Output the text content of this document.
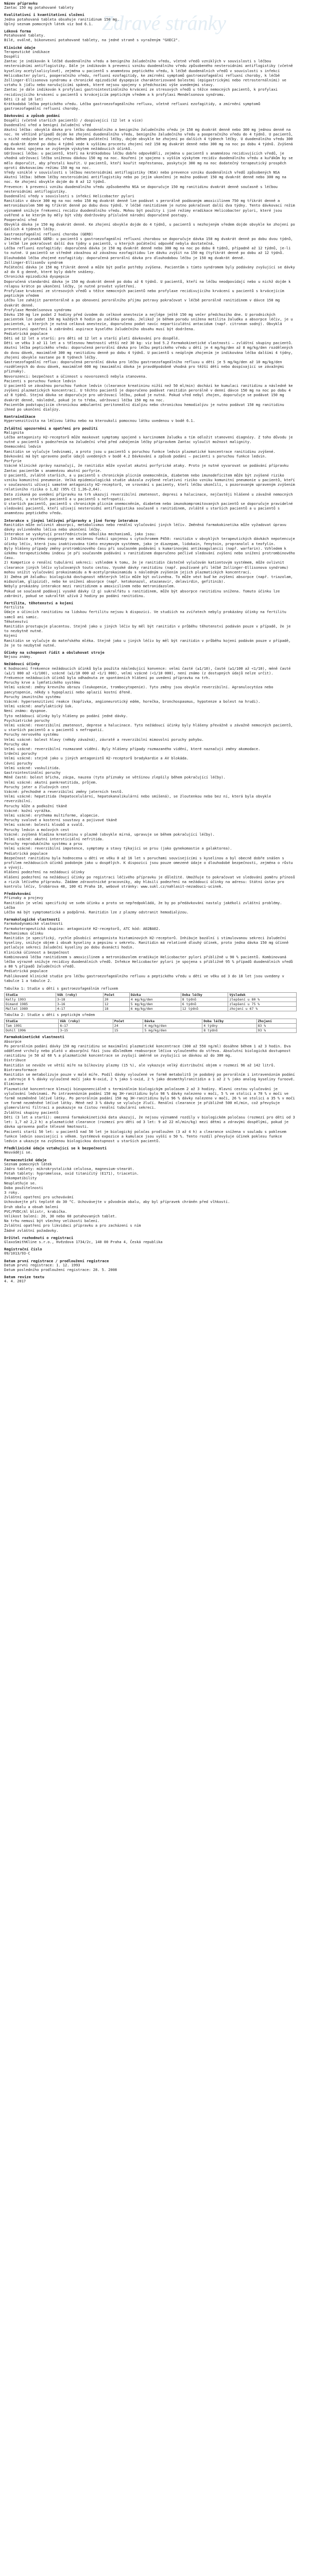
Zdravé stránky

Název přípravku

Zantac 150 mg potahované tablety

Kvalitativní i kvantitativní složení

Jedna potahovaná tableta obsahuje ranitidinum 150 mg.

Úplný seznam pomocných látek viz bod 6.1.

Léková forma

Potahované tablety.

Bílé, oválné, bikonvexní potahované tablety, na jedné straně s vyraženým "GXEC2".

Klinické údaje

Terapeutické indikace

Dospělí

Zantac je indikován k léčbě duodenálního vředu a benigního žaludečního vředu, včetně vředů vzniklých v souvislosti s léčbou nesteroidními antiflogistiky. Dále je indikován k prevenci vzniku duodenálního vředu způsobeného nesteroidními antiflogistiky (včetně kyseliny acetylsalicylové), zejména u pacientů s anamnézou peptického vředu, k léčbě duodenálních vředů v souvislosti s infekcí Helicobacter pylori, pooperačního vředu, refluxní ezofagitidy, ke zmírnění symptomů gastroezofageální refluxní choroby, k léčbě Zollinger-Ellisonova syndromu a chronické epizodické dyspepsie charakterizované bolestmi (epigastrickými nebo retrosternálními) ve vztahu k jídlu nebo narušujícími spánek, které nejsou spojeny s předchozími výše uvedenými stavy.

Zantac je dále indikován k profylaxi gastrointestinálního krvácení ze stresových vředů u těžce nemocných pacientů, k profylaxi recidivujícího krvácení u pacientů s krvácejícím peptickým vředem a k profylaxi Mendelsonova syndromu.

Děti (3 až 18 let)

Krátkodobá léčba peptického vředu. Léčba gastroezofageálního refluxu, včetně refluxní ezofagitidy, a zmírnění symptomů gastroezofageální refluxní choroby.

Dávkování a způsob podání

Dospělí (včetně starších pacientů) / dospívající (12 let a více)

Duodenální vřed a benigní žaludeční vřed

Akutní léčba: obvyklá dávka pro léčbu duodenálního a benigního žaludečního vředu je 150 mg dvakrát denně nebo 300 mg jednou denně na noc. Ve většině případů dojde ke zhojení duodenálního vředu, benigního žaludečního vředu a pooperačního vředu do 4 týdnů. U pacientů, u nichž nedojde ke zhojení vředu během počáteční léčby, dojde obvykle ke zhojení po dalších 4 týdnech léčby. U duodenálního vředu 300 mg dvakrát denně po dobu 4 týdnů vede k vyššímu procentu zhojení než 150 mg dvakrát denně nebo 300 mg na noc po dobu 4 týdnů. Zvýšená dávka není spojena se zvýšeným výskytem nežádoucích účinků.

Udržovací léčba: u pacientů, kteří na krátkodobou léčbu dobře odpověděli, zejména u pacientů s anamnézou recidivujících vředů, je vhodná udržovací léčba sníženou dávkou 150 mg na noc. Kouření je spojeno s vyšším výskytem recidiv duodenálního vředu a kuřákům by se mělo doporučit, aby přestali kouřit. U pacientů, kteří kouřit nepřestanou, poskytuje 300 mg na noc dodatečný terapeutický prospěch oproti dávkovacímu režimu 150 mg na noc.

Vředy vzniklé v souvislosti s léčbou nesteroidními antiflogistiky (NSA) nebo prevence vzniku duodenálních vředů způsobených NSA

Akutní léčba: během léčby nesteroidními antiflogistiky nebo po jejím ukončení je možno podávat 150 mg dvakrát denně nebo 300 mg na noc. Ke zhojení obvykle dojde do 8 až 12 týdnů.

Prevence: k prevenci vzniku duodenálního vředu způsobeného NSA se doporučuje 150 mg ranitidinu dvakrát denně současně s léčbou nesteroidními antiflogistiky.

Duodenální vředy v souvislosti s infekcí Helicobacter pylori

Ranitidin v dávce 300 mg na noc nebo 150 mg dvakrát denně lze podávat s perorálně podávaným amoxicilinem 750 mg třikrát denně a metronidazolem 500 mg třikrát denně po dobu dvou týdnů. V léčbě ranitidinem je nutno pokračovat další dva týdny. Tento dávkovací režim významně snižuje frekvenci recidiv duodenálního vředu. Mohou být použity i jiné režimy eradikace Helicobacter pylori, které jsou ověřené a ke kterým by měly být vždy dodržovány příslušné národní doporučené postupy.

Pooperační vřed

Obvyklá dávka je 150 mg dvakrát denně. Ke zhojení obvykle dojde do 4 týdnů, u pacientů s nezhojeným vředem dojde obvykle ke zhojení po dalších 4 týdnech léčby.

Gastroezofageální refluxní choroba (GERD)

Zmírnění příznaků GERD: u pacientů s gastroezofageální refluxní chorobou se doporučuje dávka 150 mg dvakrát denně po dobu dvou týdnů, v léčbě lze pokračovat další dva týdny u pacientů, u kterých počáteční odpověď nebyla dostatečná.

Léčba refluxní ezofagitidy: doporučená dávka je 150 mg dvakrát denně nebo 300 mg na noc po dobu 8 týdnů, případně až 12 týdnů, je-li to nutné. U pacientů se středně závažnou až závažnou ezofagitidou lze dávku zvýšit na 150 mg čtyřikrát denně po dobu až 12 týdnů.

Dlouhodobá léčba zhojené ezofagitidy: doporučená perorální dávka pro dlouhodobou léčbu je 150 mg dvakrát denně.

Zollinger-Ellisonův syndrom

Počáteční dávka je 150 mg třikrát denně a může být podle potřeby zvýšena. Pacientům s tímto syndromem byly podávány zvyšující se dávky až do 6 g denně, které byly dobře snášeny.

Chronická epizodická dyspepsie

Doporučená standardní dávka je 150 mg dvakrát denně po dobu až 6 týdnů. U pacientů, kteří na léčbu neodpovídají nebo u nichž dojde k relapsu krátce po ukončení léčby, je nutné provést vyšetření.

Profylaxe krvácení ze stresových vředů u těžce nemocných pacientů nebo profylaxe recidivujícího krvácení u pacientů s krvácejícím peptickým vředem

Léčbu lze zahájit parenterálně a po obnovení perorálního příjmu potravy pokračovat v léčbě perorálně ranitidinem v dávce 150 mg dvakrát denně.

Profylaxe Mendelsonova syndromu

Dávku 150 mg lze podat 2 hodiny před úvodem do celkové anestezie a nejlépe ještě 150 mg večer předchozího dne. U porodnických pacientek lze podat 150 mg každých 6 hodin po začátku porodu. Jelikož je během porodu snížena motilita žaludku a absorpce léčiv, je u pacientek, u kterých je nutná celková anestezie, doporučeno podat navíc neparticulátní antacidum (např. citronan sodný). Obvyklá preventivní opatření k zabránění aspirace kyselého žaludečního obsahu musí být dodržena.

Pediatrická populace

Děti od 12 let a starší: pro děti od 12 let a starší platí dávkování pro dospělé.

Děti ve věku 3 až 11 let a s tělesnou hmotností větší než 30 kg: viz bod 5.2 Farmakokinetické vlastnosti – zvláštní skupiny pacientů.

Akutní léčba peptického vředu: doporučená perorální dávka pro léčbu peptického vředu u dětí je 4 mg/kg/den až 8 mg/kg/den rozdělených do dvou dávek, maximálně 300 mg ranitidinu denně po dobu 4 týdnů. U pacientů s neúplným zhojením je indikována léčba dalšími 4 týdny, zhojení obvykle nastane po 8 týdnech léčby.

Gastroezofageální reflux: doporučená perorální dávka pro léčbu gastroezofageálního refluxu u dětí je 5 mg/kg/den až 10 mg/kg/den rozdělených do dvou dávek, maximálně 600 mg (maximální dávka je pravděpodobně vhodná pro těžší děti nebo dospívající se závažnými příznaky).

Novorozenci: bezpečnost a účinnost u novorozenců nebyla stanovena.

Pacienti s poruchou funkce ledvin

U pacientů se závažnou poruchou funkce ledvin (clearance kreatininu nižší než 50 ml/min) dochází ke kumulaci ranitidinu a následně ke zvýšení plazmatických koncentrací. U těchto pacientů je doporučeno podávat ranitidin perorálně v denní dávce 150 mg na noc po dobu 4 až 8 týdnů. Stejná dávka se doporučuje pro udržovací léčbu, pokud je nutná. Pokud vřed nebyl zhojen, doporučuje se podávat 150 mg dvakrát denně, následně, pokud je to třeba, udržovací léčba 150 mg na noc.

Pacientům podstupujícím chronickou ambulantní peritoneální dialýzu nebo chronickou hemodialýzu je nutno podávat 150 mg ranitidinu ihned po ukončení dialýzy.

Kontraindikace

Hypersenzitivita na léčivou látku nebo na kteroukoli pomocnou látku uvedenou v bodě 6.1.

Zvláštní upozornění a opatření pro použití

Malignita

Léčba antagonisty H2-receptorů může maskovat symptomy spojené s karcinomem žaludku a tím odložit stanovení diagnózy. Z toho důvodu je nutné u pacientů s podezřením na žaludeční vřed před zahájením léčby přípravkem Zantac vyloučit možnost malignity.

Onemocnění ledvin

Ranitidin se vylučuje ledvinami, a proto jsou u pacientů s poruchou funkce ledvin plazmatické koncentrace ranitidinu zvýšené. Dávkování má být upraveno podle údajů uvedených v bodě 4.2 Dávkování a způsob podání – pacienti s poruchou funkce ledvin.

Porfyrie

Vzácné klinické zprávy naznačují, že ranitidin může vyvolat akutní porfyrické ataky. Proto je nutné vyvarovat se podávání přípravku Zantac pacientům s anamnézou akutní porfyrie.

U pacientů, zvláště starších, a u pacientů s chronickým plicním onemocněním, diabetem nebo imunodeficitem může být zvýšené riziko vzniku komunitní pneumonie. Velká epidemiologická studie ukázala zvýšené relativní riziko vzniku komunitní pneumonie u pacientů, kteří v současnosti užívají samotné antagonisty H2-receptorů, ve srovnání s pacienty, kteří léčbu ukončili, s pozorovaným upraveným zvýšením relativního rizika o 1,82 (95% CI 1,26–2,64).

Data získaná po uvedení přípravku na trh ukazují reverzibilní zmatenost, depresi a halucinace, nejčastěji hlášené u závažně nemocných pacientů, u starších pacientů a u pacientů s nefropatií.

U starších pacientů, pacientů s chronickým plicním onemocněním, diabetem nebo imunokompromitovaných pacientů se doporučuje pravidelné sledování pacientů, kteří užívají nesteroidní antiflogistika současně s ranitidinem, zvláště u starších pacientů a u pacientů s anamnézou peptického vředu.

Interakce s jinými léčivými přípravky a jiné formy interakce

Ranitidin může ovlivnit absorpci, metabolismus nebo renální vylučování jiných léčiv. Změněná farmakokinetika může vyžadovat úpravu dávky ovlivněného léčiva nebo ukončení léčby.

Interakce se vyskytují prostřednictvím několika mechanismů, jako jsou:

1) Inhibice systému oxygenázy se smíšenou funkcí spojenou s cytochromem P450: ranitidin v obvyklých terapeutických dávkách nepotencuje účinky léčiv, která jsou inaktivována tímto enzymovým systémem, jako je diazepam, lidokain, fenytoin, propranolol a teofylin.

Byly hlášeny případy změny protrombinového času při současném podávání s kumarinovými antikoagulancii (např. warfarin). Vzhledem k úzkému terapeutickému indexu je při současném podávání s ranitidinem doporučeno pečlivé sledování zvýšení nebo snížení protrombinového času.

2) Kompetice o renální tubulární sekreci: vzhledem k tomu, že je ranitidin částečně vylučován kationtovým systémem, může ovlivnit clearance jiných léčiv vylučovaných touto cestou. Vysoké dávky ranitidinu (např. používané při léčbě Zollinger-Ellisonova syndromu) mohou snížit vylučování prokainamidu a N-acetylprokainamidu s následným zvýšením jejich plazmatických koncentrací.

3) Změna pH žaludku: biologická dostupnost některých léčiv může být ovlivněna. To může vést buď ke zvýšení absorpce (např. triazolam, midazolam, glipizid), nebo ke snížení absorpce (např. ketokonazol, atazanavir, delavirdin, gefitinib).

Nebyly prokázány interakce mezi ranitidinem a amoxicilinem nebo metronidazolem.

Pokud se současně podávají vysoké dávky (2 g) sukralfátu s ranitidinem, může být absorpce ranitidinu snížena. Tomuto účinku lze zabránit, pokud se sukralfát užívá 2 hodiny po podání ranitidinu.

Fertilita, těhotenství a kojení

Fertilita

Údaje o účincích ranitidinu na lidskou fertilitu nejsou k dispozici. Ve studiích na zvířatech nebyly prokázány účinky na fertilitu samců ani samic.

Těhotenství

Ranitidin prostupuje placentou. Stejně jako u jiných léčiv by měl být ranitidin v průběhu těhotenství podáván pouze v případě, že je to nezbytně nutné.

Kojení

Ranitidin se vylučuje do mateřského mléka. Stejně jako u jiných léčiv by měl být ranitidin v průběhu kojení podáván pouze v případě, že je to nezbytně nutné.

Účinky na schopnost řídit a obsluhovat stroje

Nejsou známy.

Nežádoucí účinky

K hodnocení frekvence nežádoucích účinků byla použita následující konvence: velmi časté (≥1/10), časté (≥1/100 až <1/10), méně časté (≥1/1 000 až <1/100), vzácné (≥1/10 000 až <1/1 000), velmi vzácné (<1/10 000), není známo (z dostupných údajů nelze určit).

Frekvence nežádoucích účinků byla odhadnuta ze spontánních hlášení po uvedení přípravku na trh.

Poruchy krve a lymfatického systému

Velmi vzácné: změny krevního obrazu (leukopenie, trombocytopenie). Tyto změny jsou obvykle reverzibilní. Agranulocytóza nebo pancytopenie, někdy s hypoplazií nebo aplazií kostní dřeně.

Poruchy imunitního systému

Vzácné: hypersenzitivní reakce (kopřivka, angioneurotický edém, horečka, bronchospasmus, hypotenze a bolest na hrudi).

Velmi vzácné: anafylaktický šok.

Není známo: dyspnoe.

Tyto nežádoucí účinky byly hlášeny po podání jedné dávky.

Psychiatrické poruchy

Velmi vzácné: reverzibilní zmatenost, deprese a halucinace. Tyto nežádoucí účinky byly hlášeny převážně u závažně nemocných pacientů, u starších pacientů a u pacientů s nefropatií.

Poruchy nervového systému

Velmi vzácné: bolest hlavy (někdy závažná), závratě a reverzibilní mimovolní poruchy pohybu.

Poruchy oka

Velmi vzácné: reverzibilní rozmazané vidění. Byly hlášeny případy rozmazaného vidění, které naznačují změny akomodace.

Srdeční poruchy

Velmi vzácné: stejně jako u jiných antagonistů H2-receptorů bradykardie a AV blokáda.

Cévní poruchy

Velmi vzácné: vaskulitida.

Gastrointestinální poruchy

Méně časté: bolest břicha, zácpa, nauzea (tyto příznaky se většinou zlepšily během pokračující léčby).

Velmi vzácné: akutní pankreatitida, průjem.

Poruchy jater a žlučových cest

Vzácné: přechodné a reverzibilní změny jaterních testů.

Velmi vzácné: hepatitida (hepatocelulární, hepatokanalikulární nebo smíšená), se žloutenkou nebo bez ní, která byla obvykle reverzibilní.

Poruchy kůže a podkožní tkáně

Vzácné: kožní vyrážka.

Velmi vzácné: erythema multiforme, alopecie.

Poruchy svalové a kosterní soustavy a pojivové tkáně

Velmi vzácné: bolesti kloubů a svalů.

Poruchy ledvin a močových cest

Vzácné: zvýšená hladina kreatininu v plazmě (obvykle mírná, upravuje se během pokračující léčby).

Velmi vzácné: akutní intersticiální nefritida.

Poruchy reprodukčního systému a prsu

Velmi vzácné: reverzibilní impotence, symptomy a stavy týkající se prsu (jako gynekomastie a galaktorea).

Pediatrická populace

Bezpečnost ranitidinu byla hodnocena u dětí ve věku 0 až 16 let s poruchami souvisejícími s kyselinou a byl obecně dobře snášen s profilem nežádoucích účinků podobným jako u dospělých. K dispozici jsou pouze omezené údaje o dlouhodobé bezpečnosti, zejména o růstu a vývoji.

Hlášení podezření na nežádoucí účinky

Hlášení podezření na nežádoucí účinky po registraci léčivého přípravku je důležité. Umožňuje to pokračovat ve sledování poměru přínosů a rizik léčivého přípravku. Žádáme zdravotnické pracovníky, aby hlásili podezření na nežádoucí účinky na adresu: Státní ústav pro kontrolu léčiv, Šrobárova 48, 100 41 Praha 10, webové stránky: www.sukl.cz/nahlasit-nezadouci-ucinek.

Předávkování

Příznaky a projevy

Ranitidin je velmi specifický ve svém účinku a proto se nepředpokládá, že by po předávkování nastaly jakékoli zvláštní problémy.

Léčba

Léčba má být symptomatická a podpůrná. Ranitidin lze z plazmy odstranit hemodialýzou.

Farmakologické vlastnosti

Farmakodynamické vlastnosti

Farmakoterapeutická skupina: antagonisté H2-receptorů, ATC kód: A02BA02.

Mechanismus účinku

Ranitidin je specifický, rychle působící antagonista histaminových H2-receptorů. Inhibuje bazální i stimulovanou sekreci žaludeční kyseliny, snižuje objem i obsah kyseliny a pepsinu v sekretu. Ranitidin má relativně dlouhý účinek, proto jedna dávka 150 mg účinně potlačuje sekreci žaludeční kyseliny po dobu dvanácti hodin.

Klinická účinnost a bezpečnost

Kombinovaná léčba ranitidinem s amoxicilinem a metronidazolem eradikuje Helicobacter pylori přibližně u 90 % pacientů. Kombinovaná léčba výrazně snižuje recidivy duodenálních vředů. Infekce Helicobacter pylori je spojena s přibližně 95 % případů duodenálních vředů a 80 % případů žaludečních vředů.

Pediatrická populace

Publikované klinické studie pro léčbu gastroezofageálního refluxu a peptického vředu u dětí ve věku od 3 do 18 let jsou uvedeny v tabulce 1 a tabulce 2.

Tabulka 1: Studie u dětí s gastroezofageálním refluxem

Studie	Věk (roky)	Počet	Dávka	Doba léčby	Výsledek
Kelly 1993	3–18	20	4 mg/kg/den	8 týdnů	zlepšení u 80 %
Dimand 1985	3–16	12	5 mg/kg/den	6 týdnů	zlepšení u 75 %
Mallet 1989	4–17	18	6 mg/kg/den	12 týdnů	zhojení u 67 %

Tabulka 2: Studie u dětí s peptickým vředem

Studie	Věk (roky)	Počet	Dávka	Doba léčby	Zhojení
Tam 1991	6–17	24	4 mg/kg/den	4 týdny	83 %
Dohil 1996	3–15	15	5 mg/kg/den	8 týdnů	93 %

Farmakokinetické vlastnosti

Absorpce

Po perorálním podání dávky 150 mg ranitidinu se maximální plazmatické koncentrace (300 až 550 ng/ml) dosáhne během 1 až 3 hodin. Dva oddělené vrcholy nebo plató v absorpční fázi jsou důsledkem reabsorpce léčiva vyloučeného do střeva. Absolutní biologická dostupnost ranitidinu je 50 až 60 % a plazmatické koncentrace se zvyšují úměrně se zvyšující se dávkou až do 300 mg.

Distribuce

Ranitidin se neváže ve větší míře na bílkoviny plazmy (15 %), ale vykazuje velký distribuční objem v rozmezí 96 až 142 litrů.

Biotransformace

Ranitidin se metabolizuje pouze v malé míře. Podíl dávky vyloučené ve formě metabolitů je podobný po perorálním i intravenózním podání a zahrnuje 6 % dávky vyloučené močí jako N-oxid, 2 % jako S-oxid, 2 % jako desmethylranitidin a 1 až 2 % jako analog kyseliny furoové.

Eliminace

Plazmatické koncentrace klesají biexponenciálně s terminálním biologickým poločasem 2 až 3 hodiny. Hlavní cestou vylučování je vylučování ledvinami. Po intravenózním podání 150 mg 3H-ranitidinu bylo 98 % dávky nalezeno v moči, 5 % ve stolici a 70 % v moči ve formě nezměněné léčivé látky. Po perorálním podání 150 mg 3H-ranitidinu bylo 96 % dávky nalezeno v moči, 26 % ve stolici a 35 % v moči ve formě nezměněné léčivé látky. Méně než 3 % dávky se vylučuje žlučí. Renální clearance je přibližně 500 ml/min, což převyšuje glomerulární filtraci a poukazuje na čistou renální tubulární sekreci.

Zvláštní skupiny pacientů

Děti (3 let a starší): omezená farmakokinetická data ukazují, že nejsou významné rozdíly v biologickém poločasu (rozmezí pro děti od 3 let: 1,7 až 2,2 h) a plazmatické clearance (rozmezí pro děti od 3 let: 9 až 22 ml/min/kg) mezi dětmi a zdravými dospělými, pokud je dávka upravena podle tělesné hmotnosti.

Pacienti starší 50 let: u pacientů nad 50 let je biologický poločas prodloužen (3 až 4 h) a clearance snížena v souladu s poklesem funkce ledvin související s věkem. Systémová expozice a kumulace jsou vyšší o 50 %. Tento rozdíl převyšuje účinek poklesu funkce ledvin a ukazuje na zvýšenou biologickou dostupnost u starších pacientů.

Předklinické údaje vztahující se k bezpečnosti

Neuvádějí se.

Farmaceutické údaje

Seznam pomocných látek

Jádro tablety: mikrokrystalická celulosa, magnesium-stearát.

Potah tablety: hypromelosa, oxid titaničitý (E171), triacetin.

Inkompatibility

Neuplatňuje se.

Doba použitelnosti

3 roky.

Zvláštní opatření pro uchovávání

Uchovávejte při teplotě do 30 °C. Uchovávejte v původním obalu, aby byl přípravek chráněn před vlhkostí.

Druh obalu a obsah balení

PVC/PVDC/Al blistr, krabička.

Velikost balení: 20, 30 nebo 60 potahovaných tablet.

Na trhu nemusí být všechny velikosti balení.

Zvláštní opatření pro likvidaci přípravku a pro zacházení s ním

Žádné zvláštní požadavky.

Držitel rozhodnutí o registraci

GlaxoSmithKline s.r.o., Hvězdova 1734/2c, 140 00 Praha 4, Česká republika

Registrační číslo

09/1013/93-C

Datum první registrace / prodloužení registrace

Datum první registrace: 1. 12. 1993

Datum posledního prodloužení registrace: 28. 5. 2008

Datum revize textu

4. 4. 2017
